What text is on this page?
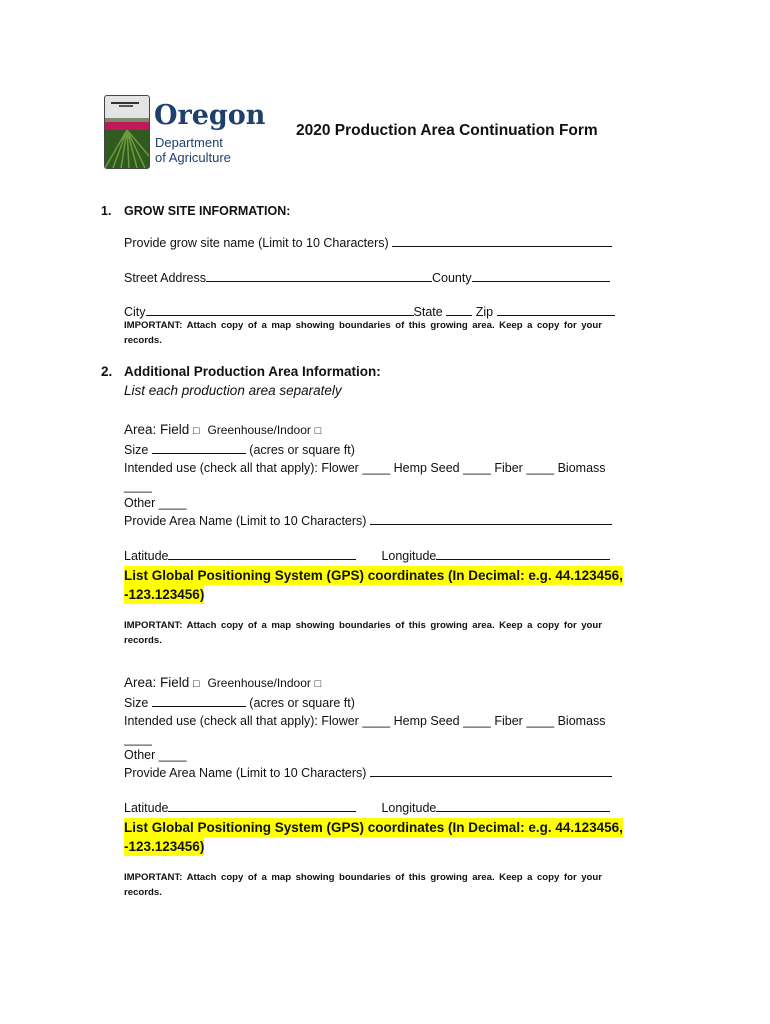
Oregon
Department
of Agriculture
2020 Production Area Continuation Form
1. GROW SITE INFORMATION:
Provide grow site name (Limit to 10 Characters)
Street Address	County
City	State	Zip
IMPORTANT: Attach copy of a map showing boundaries of this growing area. Keep a copy for your records.
2. Additional Production Area Information:
List each production area separately
Area: Field □ Greenhouse/Indoor □
Size	(acres or square ft)
Intended use (check all that apply): Flower ____ Hemp Seed ____ Fiber ____ Biomass
____
Other ____
Provide Area Name (Limit to 10 Characters)
Latitude	Longitude
List Global Positioning System (GPS) coordinates (In Decimal: e.g. 44.123456,
-123.123456)
IMPORTANT: Attach copy of a map showing boundaries of this growing area. Keep a copy for your records.
Area: Field □ Greenhouse/Indoor □
Size	(acres or square ft)
Intended use (check all that apply): Flower ____ Hemp Seed ____ Fiber ____ Biomass
____
Other ____
Provide Area Name (Limit to 10 Characters)
Latitude	Longitude
List Global Positioning System (GPS) coordinates (In Decimal: e.g. 44.123456,
-123.123456)
IMPORTANT: Attach copy of a map showing boundaries of this growing area. Keep a copy for your records.
